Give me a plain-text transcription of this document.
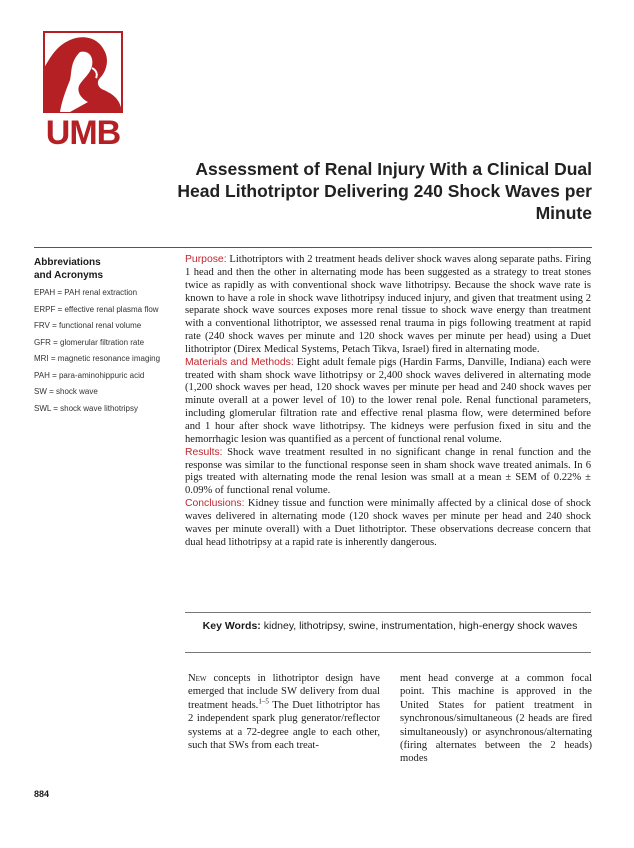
UMB
Assessment of Renal Injury With a Clinical Dual
Head Lithotriptor Delivering 240 Shock Waves per Minute
Abbreviations
and Acronyms
EPAH = PAH renal extraction
ERPF = effective renal plasma flow
FRV = functional renal volume
GFR = glomerular filtration rate
MRI = magnetic resonance imaging
PAH = para-aminohippuric acid
SW = shock wave
SWL = shock wave lithotripsy

Purpose: Lithotriptors with 2 treatment heads deliver shock waves along separate paths. Firing 1 head and then the other in alternating mode has been suggested as a strategy to treat stones twice as rapidly as with conventional shock wave lithotripsy. Because the shock wave rate is known to have a role in shock wave lithotripsy induced injury, and given that treatment using 2 separate shock wave sources exposes more renal tissue to shock wave energy than treatment with a conventional lithotriptor, we assessed renal trauma in pigs following treatment at rapid rate (240 shock waves per minute and 120 shock waves per minute per head) using a Duet lithotriptor (Direx Medical Systems, Petach Tikva, Israel) fired in alternating mode.

Materials and Methods: Eight adult female pigs (Hardin Farms, Danville, Indiana) each were treated with sham shock wave lithotripsy or 2,400 shock waves delivered in alternating mode (1,200 shock waves per head, 120 shock waves per minute per head and 240 shock waves per minute overall at a power level of 10) to the lower renal pole. Renal functional parameters, including glomerular filtration rate and effective renal plasma flow, were determined before and 1 hour after shock wave lithotripsy. The kidneys were perfusion fixed in situ and the hemorrhagic lesion was quantified as a percent of functional renal volume.

Results: Shock wave treatment resulted in no significant change in renal function and the response was similar to the functional response seen in sham shock wave treated animals. In 6 pigs treated with alternating mode the renal lesion was small at a mean ± SEM of 0.22% ± 0.09% of functional renal volume.

Conclusions: Kidney tissue and function were minimally affected by a clinical dose of shock waves delivered in alternating mode (120 shock waves per minute per head and 240 shock waves per minute overall) with a Duet lithotriptor. These observations decrease concern that dual head lithotripsy at a rapid rate is inherently dangerous.

Key Words: kidney, lithotripsy, swine, instrumentation, high-energy shock waves
New concepts in lithotriptor design have emerged that include SW delivery from dual treatment heads.$^{1-5}$ The Duet lithotriptor has 2 independent spark plug generator/reflector systems at a 72-degree angle to each other, such that SWs from each treat-
ment head converge at a common focal point. This machine is approved in the United States for patient treatment in synchronous/simultaneous (2 heads are fired simultaneously) or asynchronous/alternating (firing alternates between the 2 heads) modes
884
